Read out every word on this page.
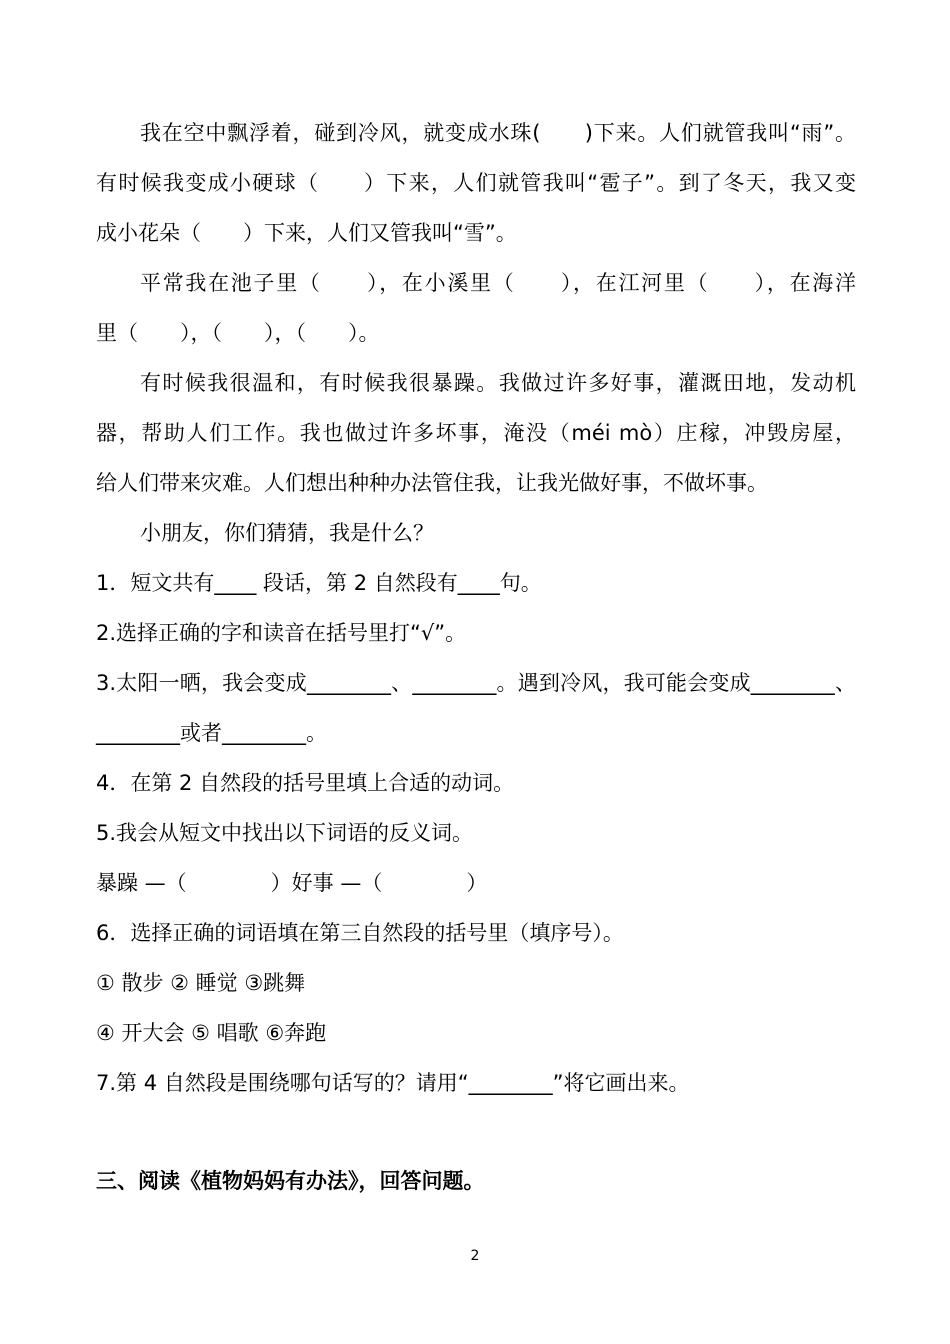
我在空中飘浮着，碰到冷风，就变成水珠(　　)下来。人们就管我叫“雨”。
有时候我变成小硬球（　　）下来，人们就管我叫“雹子”。到了冬天，我又变
成小花朵（　　）下来，人们又管我叫“雪”。
平常我在池子里（　　），在小溪里（　　），在江河里（　　），在海洋
里（　　），（　　），（　　）。
有时候我很温和，有时候我很暴躁。我做过许多好事，灌溉田地，发动机
器，帮助人们工作。我也做过许多坏事，淹没（méi mò）庄稼，冲毁房屋，
给人们带来灾难。人们想出种种办法管住我，让我光做好事，不做坏事。
小朋友，你们猜猜，我是什么？
1．短文共有____ 段话，第 2 自然段有____句。
2.选择正确的字和读音在括号里打“√”。
3.太阳一晒，我会变成________、________。遇到冷风，我可能会变成________、
________或者________。
4．在第 2 自然段的括号里填上合适的动词。
5.我会从短文中找出以下词语的反义词。
暴躁 —（　　　　）好事 —（　　　　）
6．选择正确的词语填在第三自然段的括号里（填序号）。
① 散步 ② 睡觉 ③跳舞
④ 开大会 ⑤ 唱歌 ⑥奔跑
7.第 4 自然段是围绕哪句话写的？请用“________”将它画出来。
三、阅读《植物妈妈有办法》，回答问题。
2
